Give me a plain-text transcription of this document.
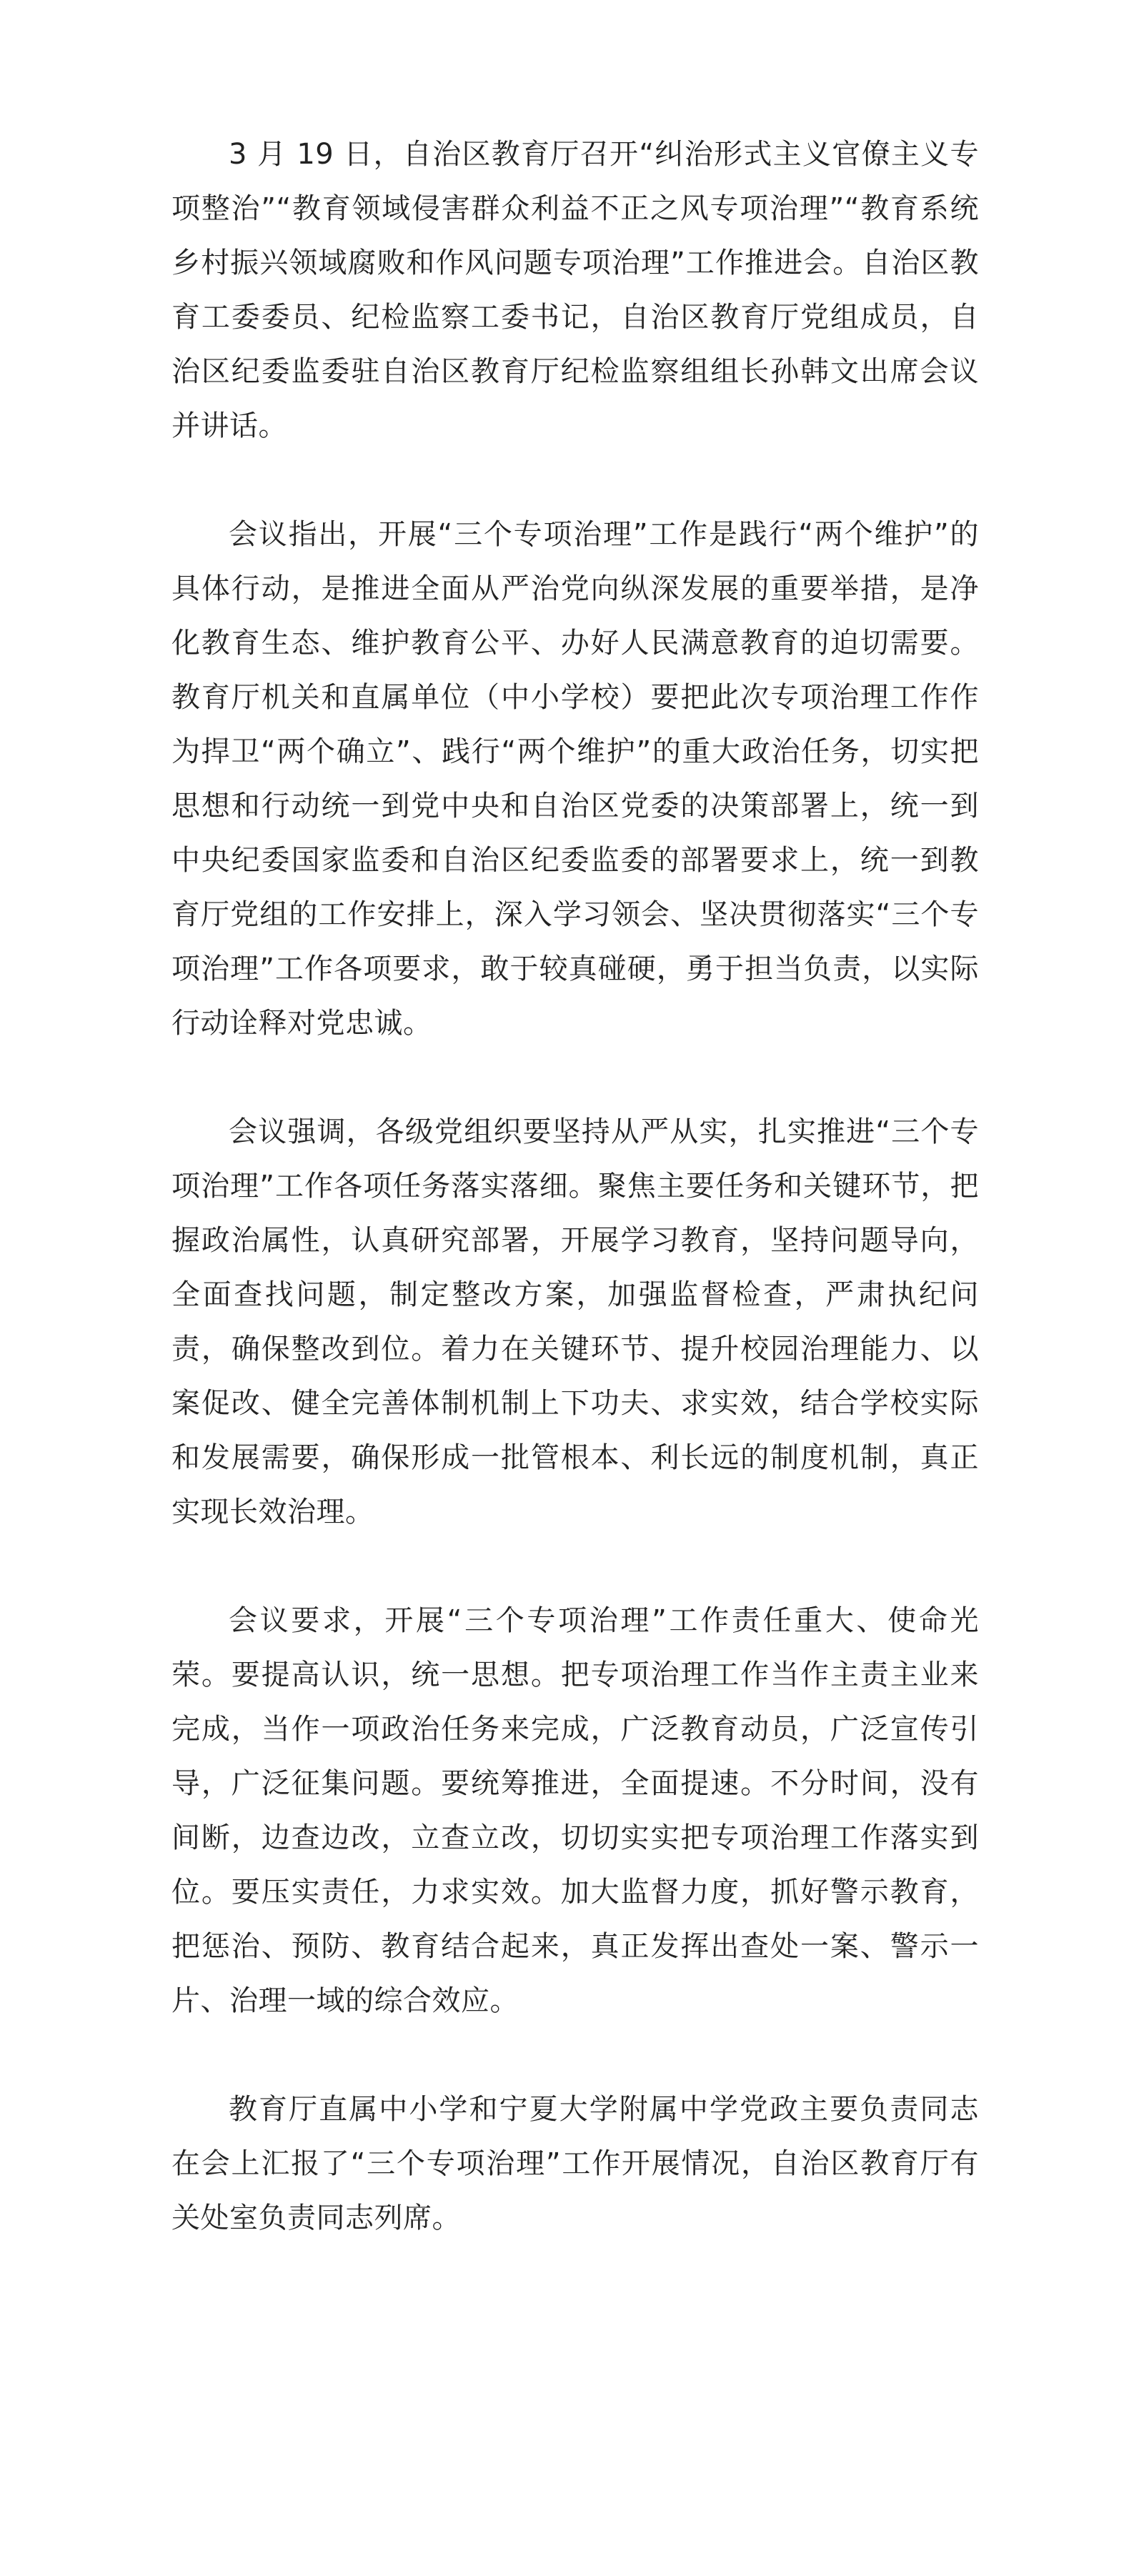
3 月 19 日，自治区教育厅召开“纠治形式主义官僚主义专项整治”“教育领域侵害群众利益不正之风专项治理”“教育系统乡村振兴领域腐败和作风问题专项治理”工作推进会。自治区教育工委委员、纪检监察工委书记，自治区教育厅党组成员，自治区纪委监委驻自治区教育厅纪检监察组组长孙韩文出席会议并讲话。

会议指出，开展“三个专项治理”工作是践行“两个维护”的具体行动，是推进全面从严治党向纵深发展的重要举措，是净化教育生态、维护教育公平、办好人民满意教育的迫切需要。教育厅机关和直属单位（中小学校）要把此次专项治理工作作为捍卫“两个确立”、践行“两个维护”的重大政治任务，切实把思想和行动统一到党中央和自治区党委的决策部署上，统一到中央纪委国家监委和自治区纪委监委的部署要求上，统一到教育厅党组的工作安排上，深入学习领会、坚决贯彻落实“三个专项治理”工作各项要求，敢于较真碰硬，勇于担当负责，以实际行动诠释对党忠诚。

会议强调，各级党组织要坚持从严从实，扎实推进“三个专项治理”工作各项任务落实落细。聚焦主要任务和关键环节，把握政治属性，认真研究部署，开展学习教育，坚持问题导向，全面查找问题，制定整改方案，加强监督检查，严肃执纪问责，确保整改到位。着力在关键环节、提升校园治理能力、以案促改、健全完善体制机制上下功夫、求实效，结合学校实际和发展需要，确保形成一批管根本、利长远的制度机制，真正实现长效治理。

会议要求，开展“三个专项治理”工作责任重大、使命光荣。要提高认识，统一思想。把专项治理工作当作主责主业来完成，当作一项政治任务来完成，广泛教育动员，广泛宣传引导，广泛征集问题。要统筹推进，全面提速。不分时间，没有间断，边查边改，立查立改，切切实实把专项治理工作落实到位。要压实责任，力求实效。加大监督力度，抓好警示教育，把惩治、预防、教育结合起来，真正发挥出查处一案、警示一片、治理一域的综合效应。

教育厅直属中小学和宁夏大学附属中学党政主要负责同志在会上汇报了“三个专项治理”工作开展情况，自治区教育厅有关处室负责同志列席。
